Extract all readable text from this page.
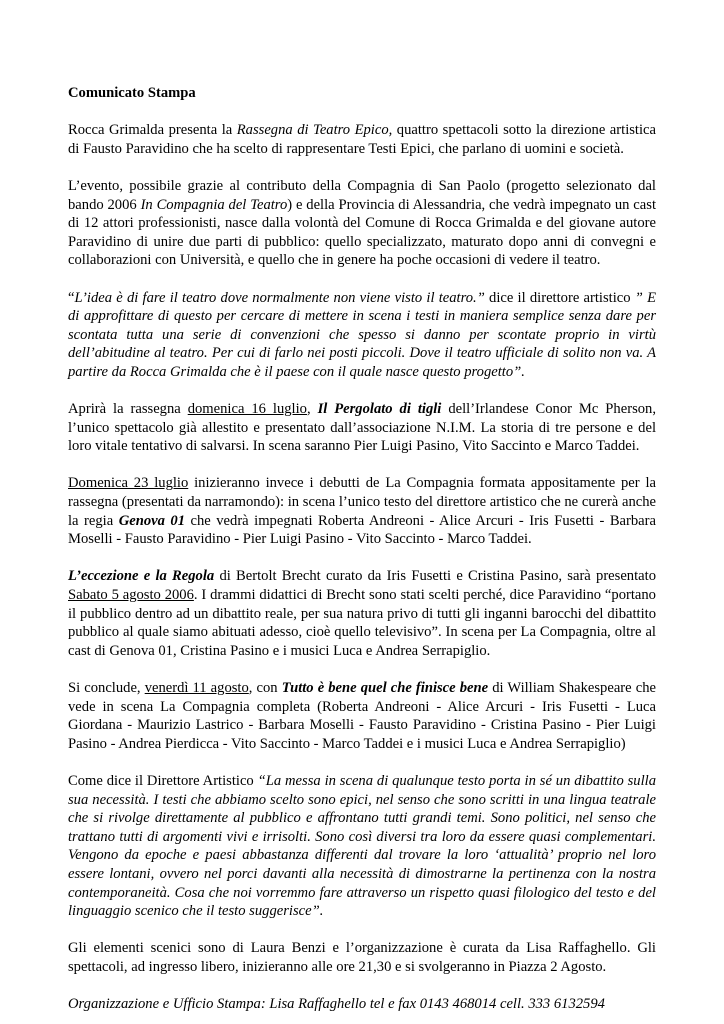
Comunicato Stampa

Rocca Grimalda presenta la Rassegna di Teatro Epico, quattro spettacoli sotto la direzione artistica di Fausto Paravidino che ha scelto di rappresentare Testi Epici, che parlano di uomini e società.

L’evento, possibile grazie al contributo della Compagnia di San Paolo (progetto selezionato dal bando 2006 In Compagnia del Teatro) e della Provincia di Alessandria, che vedrà impegnato un cast di 12 attori professionisti, nasce dalla volontà del Comune di Rocca Grimalda e del giovane autore Paravidino di unire due parti di pubblico: quello specializzato, maturato dopo anni di convegni e collaborazioni con Università, e quello che in genere ha poche occasioni di vedere il teatro.

“L’idea è di fare il teatro dove normalmente non viene visto il teatro.” dice il direttore artistico ” E di approfittare di questo per cercare di mettere in scena i testi in maniera semplice senza dare per scontata tutta una serie di convenzioni che spesso si danno per scontate proprio in virtù dell’abitudine al teatro. Per cui di farlo nei posti piccoli. Dove il teatro ufficiale di solito non va. A partire da Rocca Grimalda che è il paese con il quale nasce questo progetto”.

Aprirà la rassegna domenica 16 luglio, Il Pergolato di tigli dell’Irlandese Conor Mc Pherson, l’unico spettacolo già allestito e presentato dall’associazione N.I.M. La storia di tre persone e del loro vitale tentativo di salvarsi. In scena saranno Pier Luigi Pasino, Vito Saccinto e Marco Taddei.

Domenica 23 luglio inizieranno invece i debutti de La Compagnia formata appositamente per la rassegna (presentati da narramondo): in scena l’unico testo del direttore artistico che ne curerà anche la regia Genova 01 che vedrà impegnati Roberta Andreoni - Alice Arcuri - Iris Fusetti - Barbara Moselli - Fausto Paravidino - Pier Luigi Pasino - Vito Saccinto - Marco Taddei.

L’eccezione e la Regola di Bertolt Brecht curato da Iris Fusetti e Cristina Pasino, sarà presentato Sabato 5 agosto 2006. I drammi didattici di Brecht sono stati scelti perché, dice Paravidino “portano il pubblico dentro ad un dibattito reale, per sua natura privo di tutti gli inganni barocchi del dibattito pubblico al quale siamo abituati adesso, cioè quello televisivo”. In scena per La Compagnia, oltre al cast di Genova 01, Cristina Pasino e i musici Luca e Andrea Serrapiglio.

Si conclude, venerdì 11 agosto, con Tutto è bene quel che finisce bene di William Shakespeare che vede in scena La Compagnia completa (Roberta Andreoni - Alice Arcuri - Iris Fusetti - Luca Giordana - Maurizio Lastrico - Barbara Moselli - Fausto Paravidino - Cristina Pasino - Pier Luigi Pasino - Andrea Pierdicca - Vito Saccinto - Marco Taddei e i musici Luca e Andrea Serrapiglio)

Come dice il Direttore Artistico “La messa in scena di qualunque testo porta in sé un dibattito sulla sua necessità. I testi che abbiamo scelto sono epici, nel senso che sono scritti in una lingua teatrale che si rivolge direttamente al pubblico e affrontano tutti grandi temi. Sono politici, nel senso che trattano tutti di argomenti vivi e irrisolti. Sono così diversi tra loro da essere quasi complementari. Vengono da epoche e paesi abbastanza differenti dal trovare la loro ‘attualità’ proprio nel loro essere lontani, ovvero nel porci davanti alla necessità di dimostrarne la pertinenza con la nostra contemporaneità. Cosa che noi vorremmo fare attraverso un rispetto quasi filologico del testo e del linguaggio scenico che il testo suggerisce”.

Gli elementi scenici sono di Laura Benzi e l’organizzazione è curata da Lisa Raffaghello. Gli spettacoli, ad ingresso libero, inizieranno alle ore 21,30 e si svolgeranno in Piazza 2 Agosto.

Organizzazione e Ufficio Stampa: Lisa Raffaghello tel e fax 0143 468014 cell. 333 6132594
